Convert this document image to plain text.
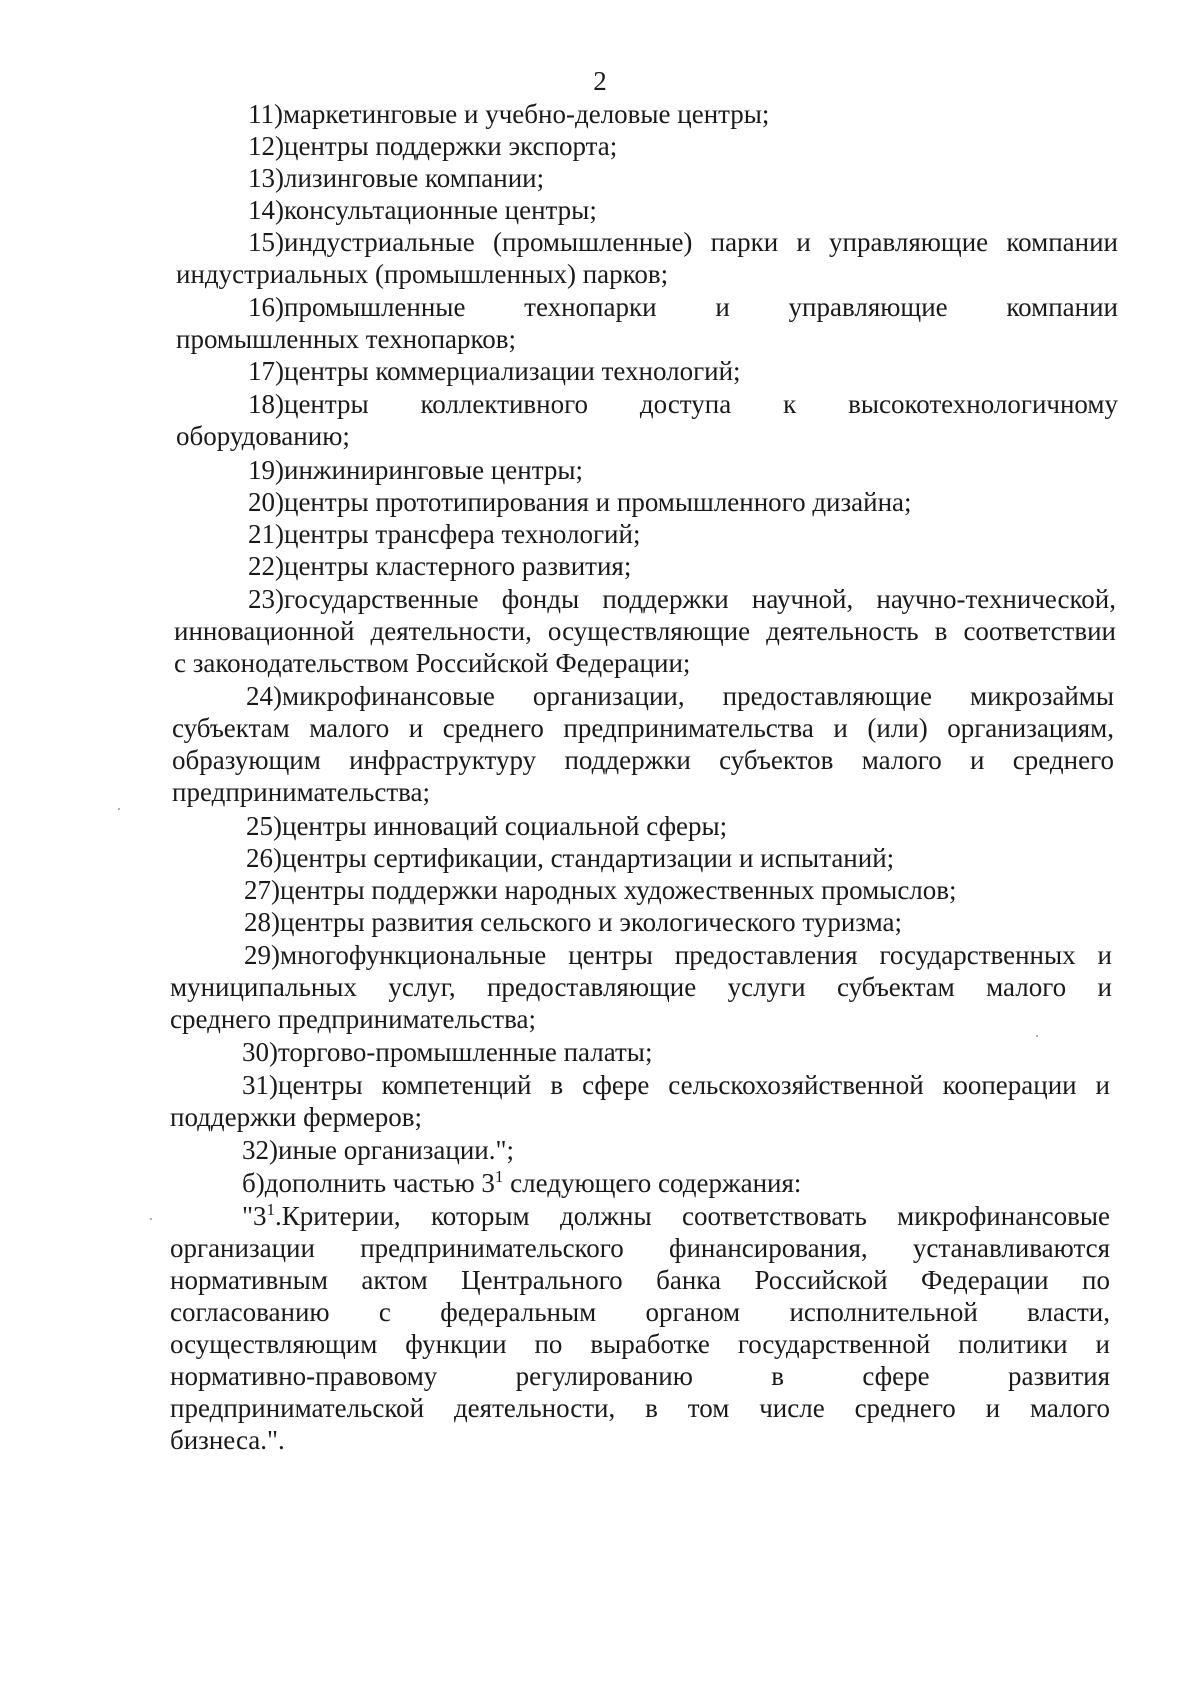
2
11)маркетинговые и учебно-деловые центры;
12)центры поддержки экспорта;
13)лизинговые компании;
14)консультационные центры;
15)индустриальные (промышленные) парки и управляющие компании
индустриальных (промышленных) парков;
16)промышленные технопарки и управляющие компании
промышленных технопарков;
17)центры коммерциализации технологий;
18)центры коллективного доступа к высокотехнологичному
оборудованию;
19)инжиниринговые центры;
20)центры прототипирования и промышленного дизайна;
21)центры трансфера технологий;
22)центры кластерного развития;
23)государственные фонды поддержки научной, научно-технической,
инновационной деятельности, осуществляющие деятельность в соответствии
с законодательством Российской Федерации;
24)микрофинансовые организации, предоставляющие микрозаймы
субъектам малого и среднего предпринимательства и (или) организациям,
образующим инфраструктуру поддержки субъектов малого и среднего
предпринимательства;
25)центры инноваций социальной сферы;
26)центры сертификации, стандартизации и испытаний;
27)центры поддержки народных художественных промыслов;
28)центры развития сельского и экологического туризма;
29)многофункциональные центры предоставления государственных и
муниципальных услуг, предоставляющие услуги субъектам малого и
среднего предпринимательства;
30)торгово-промышленные палаты;
31)центры компетенций в сфере сельскохозяйственной кооперации и
поддержки фермеров;
32)иные организации.";
б)дополнить частью $3^1$ следующего содержания:
"$3^1.Критерии$, которым должны соответствовать микрофинансовые
организации предпринимательского финансирования, устанавливаются
нормативным актом Центрального банка Российской Федерации по
согласованию с федеральным органом исполнительной власти,
осуществляющим функции по выработке государственной политики и
нормативно-правовому регулированию в сфере развития
предпринимательской деятельности, в том числе среднего и малого
бизнеса.".
